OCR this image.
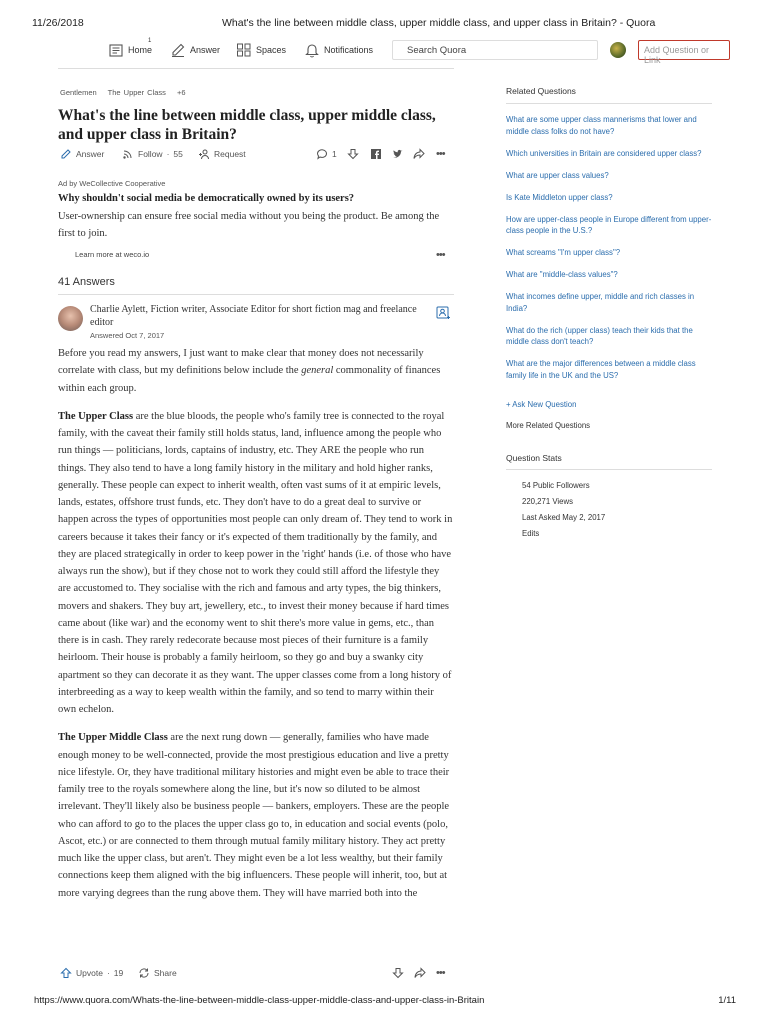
11/26/2018	What's the line between middle class, upper middle class, and upper class in Britain? - Quora
Home
1
Answer	Spaces	Notifications	Search Quora	Add Question or Link
Gentlemen The Upper Class +6
What's the line between middle class, upper middle class, and upper class in Britain?
Answer	Follow · 55	Request	1	•••
Ad by WeCollective Cooperative
Why shouldn't social media be democratically owned by its users?
User-ownership can ensure free social media without you being the product. Be among the first to join.
Learn more at weco.io	•••
41 Answers
Charlie Aylett, Fiction writer, Associate Editor for short fiction mag and freelance editor
Answered Oct 7, 2017

Before you read my answers, I just want to make clear that money does not necessarily correlate with class, but my definitions below include the general commonality of finances within each group.

The Upper Class are the blue bloods, the people who's family tree is connected to the royal family, with the caveat their family still holds status, land, influence among the people who run things — politicians, lords, captains of industry, etc. They ARE the people who run things. They also tend to have a long family history in the military and hold higher ranks, generally. These people can expect to inherit wealth, often vast sums of it at empiric levels, lands, estates, offshore trust funds, etc. They don't have to do a great deal to survive or happen across the types of opportunities most people can only dream of. They tend to work in careers because it takes their fancy or it's expected of them traditionally by the family, and they are placed strategically in order to keep power in the 'right' hands (i.e. of those who have always run the show), but if they chose not to work they could still afford the lifestyle they are accustomed to. They socialise with the rich and famous and arty types, the big thinkers, movers and shakers. They buy art, jewellery, etc., to invest their money because if hard times came about (like war) and the economy went to shit there's more value in gems, etc., than there is in cash. They rarely redecorate because most pieces of their furniture is a family heirloom. Their house is probably a family heirloom, so they go and buy a swanky city apartment so they can decorate it as they want. The upper classes come from a long history of interbreeding as a way to keep wealth within the family, and so tend to marry within their own echelon.

The Upper Middle Class are the next rung down — generally, families who have made enough money to be well-connected, provide the most prestigious education and live a pretty nice lifestyle. Or, they have traditional military histories and might even be able to trace their family tree to the royals somewhere along the line, but it's now so diluted to be almost irrelevant. They'll likely also be business people — bankers, employers. These are the people who can afford to go to the places the upper class go to, in education and social events (polo, Ascot, etc.) or are connected to them through mutual family military history. They act pretty much like the upper class, but aren't. They might even be a lot less wealthy, but their family connections keep them aligned with the big influencers. These people will inherit, too, but at more varying degrees than the rung above them. They will have married both into the

Upvote · 19	Share	•••
Related Questions
What are some upper class mannerisms that lower and middle class folks do not have?
Which universities in Britain are considered upper class?
What are upper class values?
Is Kate Middleton upper class?
How are upper-class people in Europe different from upper-class people in the U.S.?
What screams "I'm upper class"?
What are "middle-class values"?
What incomes define upper, middle and rich classes in India?
What do the rich (upper class) teach their kids that the middle class don't teach?
What are the major differences between a middle class family life in the UK and the US?
+ Ask New Question
More Related Questions
Question Stats
54 Public Followers
220,271 Views
Last Asked May 2, 2017
Edits
https://www.quora.com/Whats-the-line-between-middle-class-upper-middle-class-and-upper-class-in-Britain	1/11
